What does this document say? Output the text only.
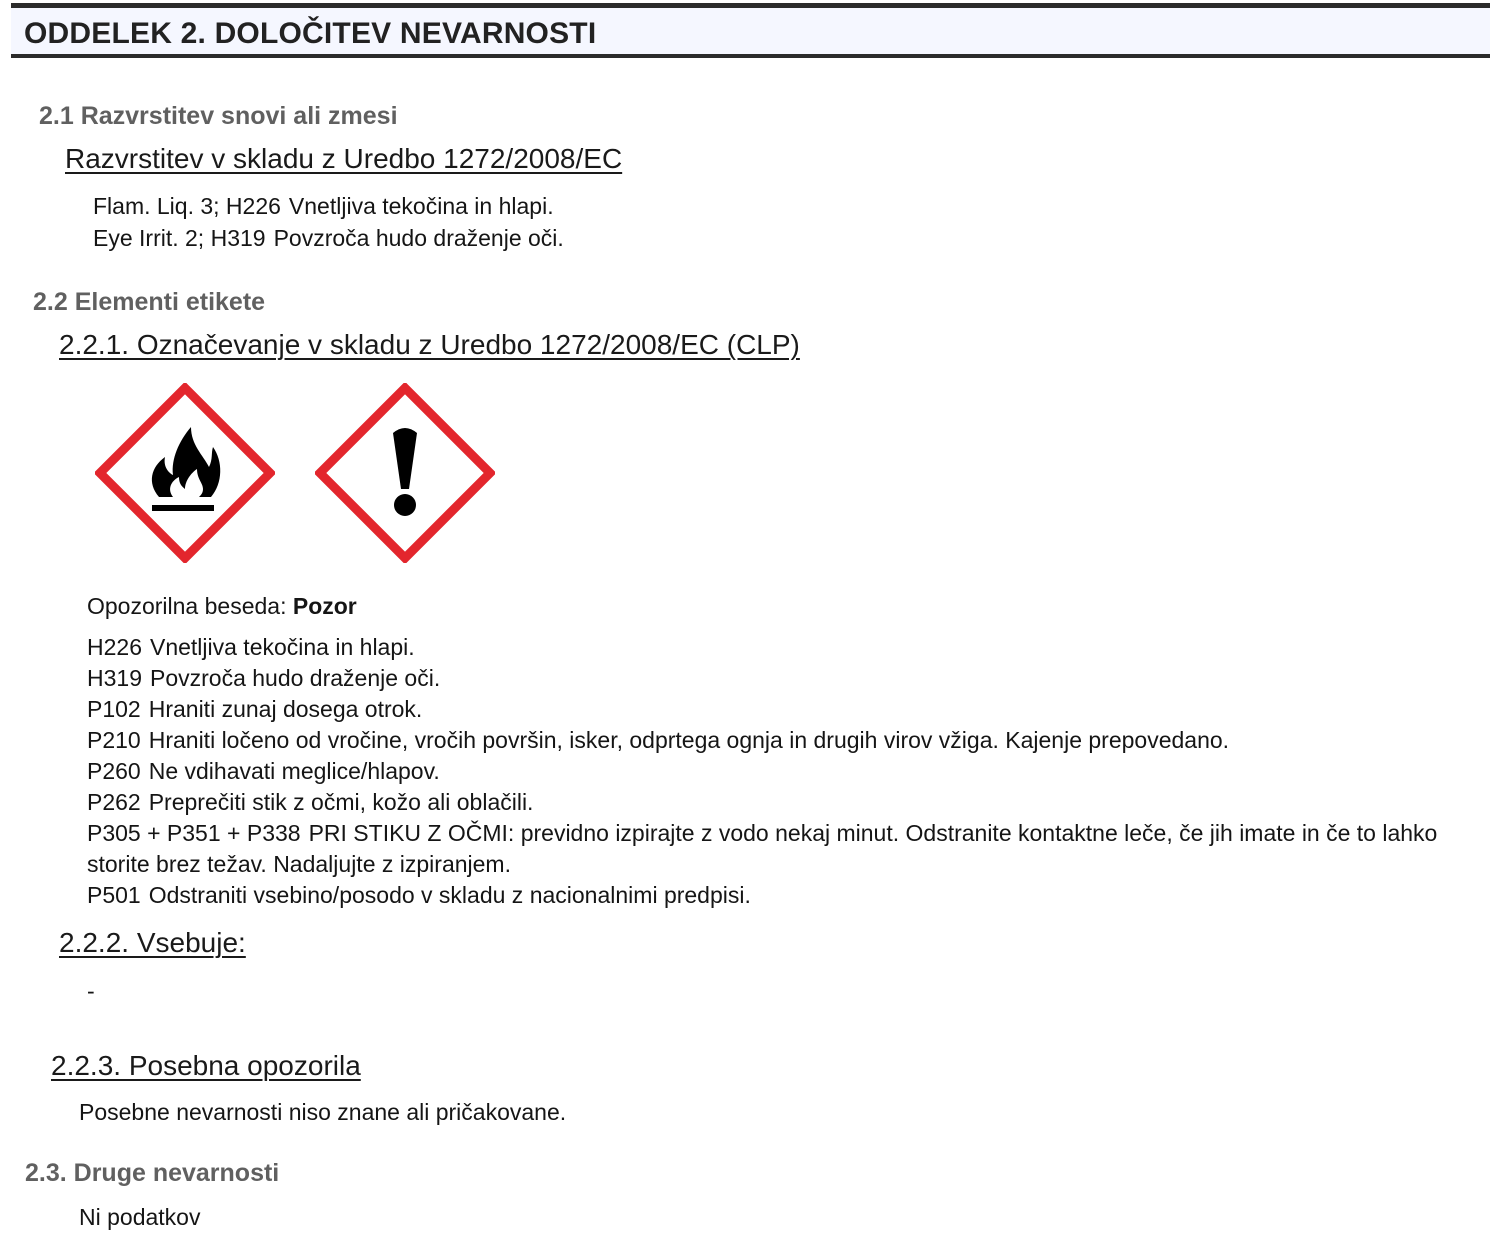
ODDELEK 2. DOLOČITEV NEVARNOSTI

2.1 Razvrstitev snovi ali zmesi

Razvrstitev v skladu z Uredbo 1272/2008/EC

Flam. Liq. 3; H226 Vnetljiva tekočina in hlapi.

Eye Irrit. 2; H319 Povzroča hudo draženje oči.

2.2 Elementi etikete

2.2.1. Označevanje v skladu z Uredbo 1272/2008/EC (CLP)

Opozorilna beseda: Pozor

H226 Vnetljiva tekočina in hlapi.
H319 Povzroča hudo draženje oči.
P102 Hraniti zunaj dosega otrok.
P210 Hraniti ločeno od vročine, vročih površin, isker, odprtega ognja in drugih virov vžiga. Kajenje prepovedano.
P260 Ne vdihavati meglice/hlapov.
P262 Preprečiti stik z očmi, kožo ali oblačili.
P305 + P351 + P338 PRI STIKU Z OČMI: previdno izpirajte z vodo nekaj minut. Odstranite kontaktne leče, če jih imate in če to lahko storite brez težav. Nadaljujte z izpiranjem.
P501 Odstraniti vsebino/posodo v skladu z nacionalnimi predpisi.

2.2.2. Vsebuje:

-

2.2.3. Posebna opozorila

Posebne nevarnosti niso znane ali pričakovane.

2.3. Druge nevarnosti

Ni podatkov
